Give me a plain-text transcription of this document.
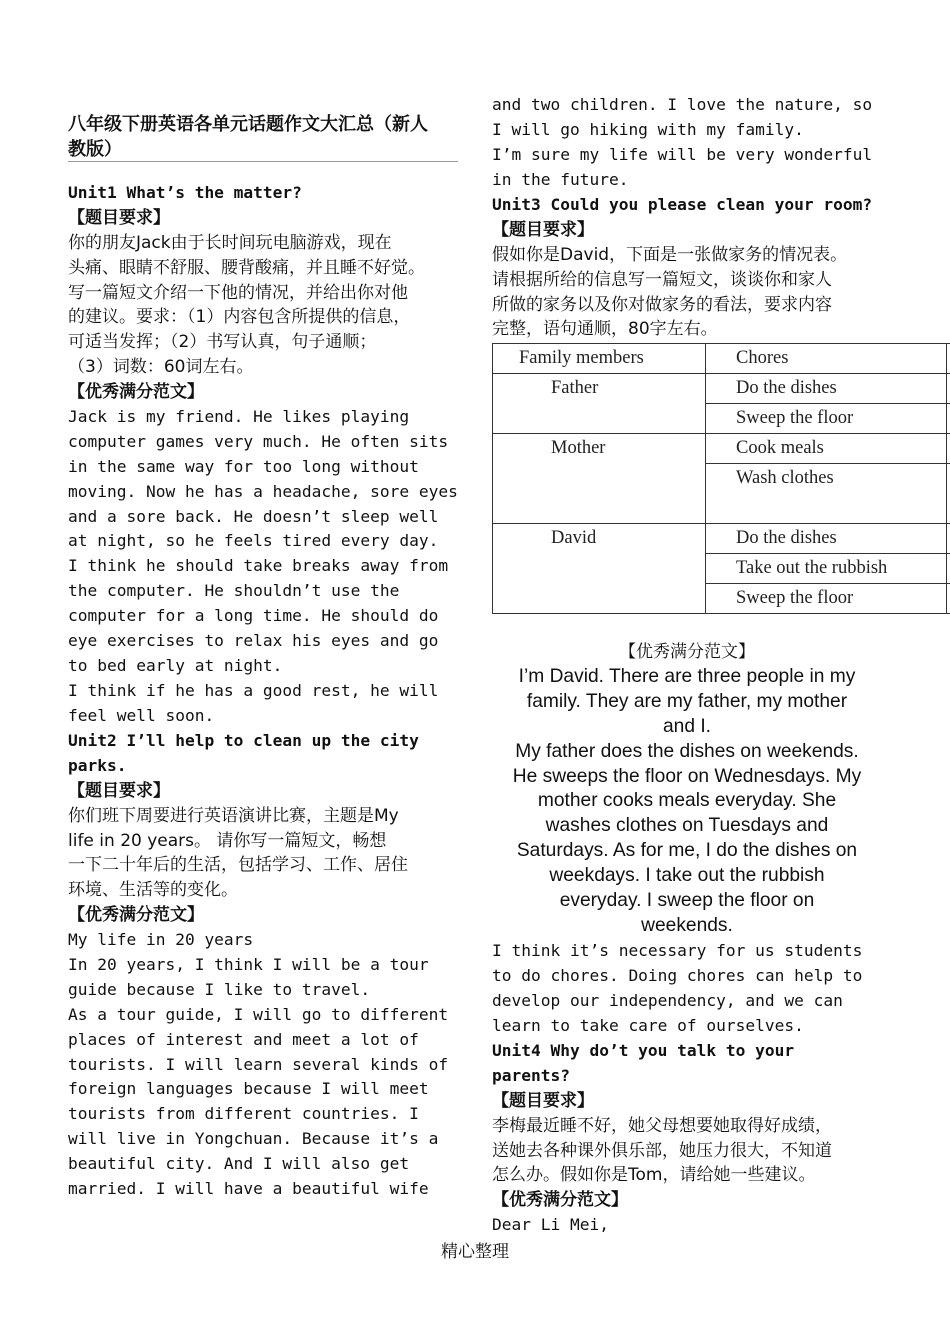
八年级下册英语各单元话题作文大汇总（新人
教版）
Unit1 What’s the matter?
【题目要求】
你的朋友Jack由于长时间玩电脑游戏，现在
头痛、眼睛不舒服、腰背酸痛，并且睡不好觉。
写一篇短文介绍一下他的情况，并给出你对他
的建议。要求：（1）内容包含所提供的信息，
可适当发挥；（2）书写认真，句子通顺；
（3）词数：60词左右。
【优秀满分范文】
Jack is my friend. He likes playing
computer games very much. He often sits
in the same way for too long without
moving. Now he has a headache, sore eyes
and a sore back. He doesn’t sleep well
at night, so he feels tired every day.
I think he should take breaks away from
the computer. He shouldn’t use the
computer for a long time. He should do
eye exercises to relax his eyes and go
to bed early at night.
I think if he has a good rest, he will
feel well soon.
Unit2 I’ll help to clean up the city
parks.
【题目要求】
你们班下周要进行英语演讲比赛，主题是My
life in 20 years。 请你写一篇短文，畅想
一下二十年后的生活，包括学习、工作、居住
环境、生活等的变化。
【优秀满分范文】
My life in 20 years
In 20 years, I think I will be a tour
guide because I like to travel.
As a tour guide, I will go to different
places of interest and meet a lot of
tourists. I will learn several kinds of
foreign languages because I will meet
tourists from different countries. I
will live in Yongchuan. Because it’s a
beautiful city. And I will also get
married. I will have a beautiful wife
and two children. I love the nature, so
I will go hiking with my family.
I’m sure my life will be very wonderful
in the future.
Unit3 Could you please clean your room?
【题目要求】
假如你是David，下面是一张做家务的情况表。
请根据所给的信息写一篇短文，谈谈你和家人
所做的家务以及你对做家务的看法，要求内容
完整，语句通顺，80字左右。
Family members	Chores	
Father	Do the dishes	
	Sweep the floor	
Mother	Cook meals	
	Wash clothes	
David	Do the dishes	
	Take out the rubbish	
	Sweep the floor	
【优秀满分范文】
I’m David. There are three people in my
family. They are my father, my mother
and I.
My father does the dishes on weekends.
He sweeps the floor on Wednesdays. My
mother cooks meals everyday. She
washes clothes on Tuesdays and
Saturdays. As for me, I do the dishes on
weekdays. I take out the rubbish
everyday. I sweep the floor on
weekends.
I think it’s necessary for us students
to do chores. Doing chores can help to
develop our independency, and we can
learn to take care of ourselves.
Unit4 Why do’t you talk to your
parents?
【题目要求】
李梅最近睡不好，她父母想要她取得好成绩，
送她去各种课外俱乐部，她压力很大，不知道
怎么办。假如你是Tom，请给她一些建议。
【优秀满分范文】
Dear Li Mei,
精心整理
